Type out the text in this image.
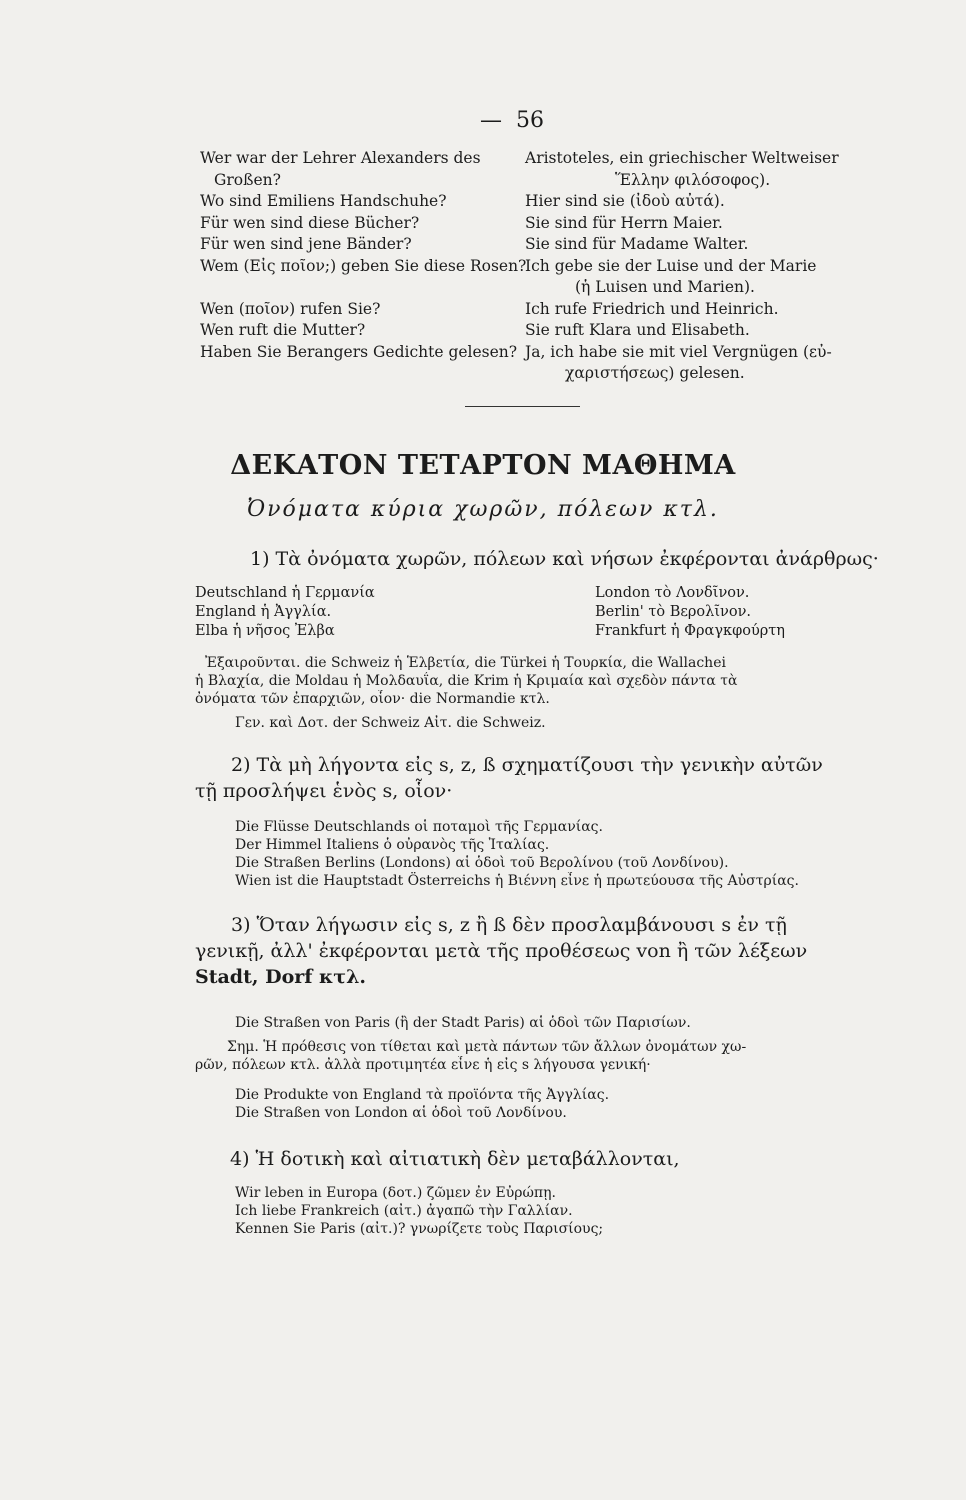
— 56
Wer war der Lehrer Alexanders des
Großen?
Wo sind Emiliens Handschuhe?
Für wen sind diese Bücher?
Für wen sind jene Bänder?
Wem (Εἰς ποῖον;) geben Sie diese Rosen?

Wen (ποῖον) rufen Sie?
Wen ruft die Mutter?
Haben Sie Berangers Gedichte gelesen?
Aristoteles, ein griechischer Weltweiser
Ἕλλην φιλόσοφος).
Hier sind sie (ἰδοὺ αὐτά).
Sie sind für Herrn Maier.
Sie sind für Madame Walter.
Ich gebe sie der Luise und der Marie
(ἡ Luisen und Marien).
Ich rufe Friedrich und Heinrich.
Sie ruft Klara und Elisabeth.
Ja, ich habe sie mit viel Vergnügen (εὐ-
χαριστήσεως) gelesen.
ΔΕΚΑΤΟΝ ΤΕΤΑΡΤΟΝ ΜΑΘΗΜΑ
Ὀνόματα κύρια χωρῶν, πόλεων κτλ.
1) Τὰ ὀνόματα χωρῶν, πόλεων καὶ νήσων ἐκφέρονται ἀνάρθρως·
Deutschland ἡ Γερμανία
England ἡ Ἀγγλία.
Elba ἡ νῆσος Ἐλβα
London τὸ Λονδῖνον.
Berlin' τὸ Βερολῖνον.
Frankfurt ἡ Φραγκφούρτη
Ἐξαιροῦνται. die Schweiz ἡ Ἑλβετία, die Türkei ἡ Τουρκία, die Wallachei
ἡ Βλαχία, die Moldau ἡ Μολδαυΐα, die Krim ἡ Κριμαία καὶ σχεδὸν πάντα τὰ
ὀνόματα τῶν ἐπαρχιῶν, οἷον· die Normandie κτλ.
Γεν. καὶ Δοτ. der Schweiz Αἰτ. die Schweiz.
2) Τὰ μὴ λήγοντα εἰς s, z, ß σχηματίζουσι τὴν γενικὴν αὐτῶν
τῇ προσλήψει ἑνὸς s, οἷον·
Die Flüsse Deutschlands οἱ ποταμοὶ τῆς Γερμανίας.
Der Himmel Italiens ὁ οὐρανὸς τῆς Ἰταλίας.
Die Straßen Berlins (Londons) αἱ ὁδοὶ τοῦ Βερολίνου (τοῦ Λονδίνου).
Wien ist die Hauptstadt Österreichs ἡ Βιέννη εἶνε ἡ πρωτεύουσα τῆς Αὐστρίας.
3) Ὅταν λήγωσιν εἰς s, z ἢ ß δὲν προσλαμβάνουσι s ἐν τῇ
γενικῇ, ἀλλ' ἐκφέρονται μετὰ τῆς προθέσεως von ἢ τῶν λέξεων
Stadt, Dorf κτλ.
Die Straßen von Paris (ἢ der Stadt Paris) αἱ ὁδοὶ τῶν Παρισίων.
Σημ. Ἡ πρόθεσις von τίθεται καὶ μετὰ πάντων τῶν ἄλλων ὀνομάτων χω-
ρῶν, πόλεων κτλ. ἀλλὰ προτιμητέα εἶνε ἡ εἰς s λήγουσα γενική·
Die Produkte von England τὰ προϊόντα τῆς Ἀγγλίας.
Die Straßen von London αἱ ὁδοὶ τοῦ Λονδίνου.
4) Ἡ δοτικὴ καὶ αἰτιατικὴ δὲν μεταβάλλονται,
Wir leben in Europa (δοτ.) ζῶμεν ἐν Εὐρώπῃ.
Ich liebe Frankreich (αἰτ.) ἀγαπῶ τὴν Γαλλίαν.
Kennen Sie Paris (αἰτ.)? γνωρίζετε τοὺς Παρισίους;
